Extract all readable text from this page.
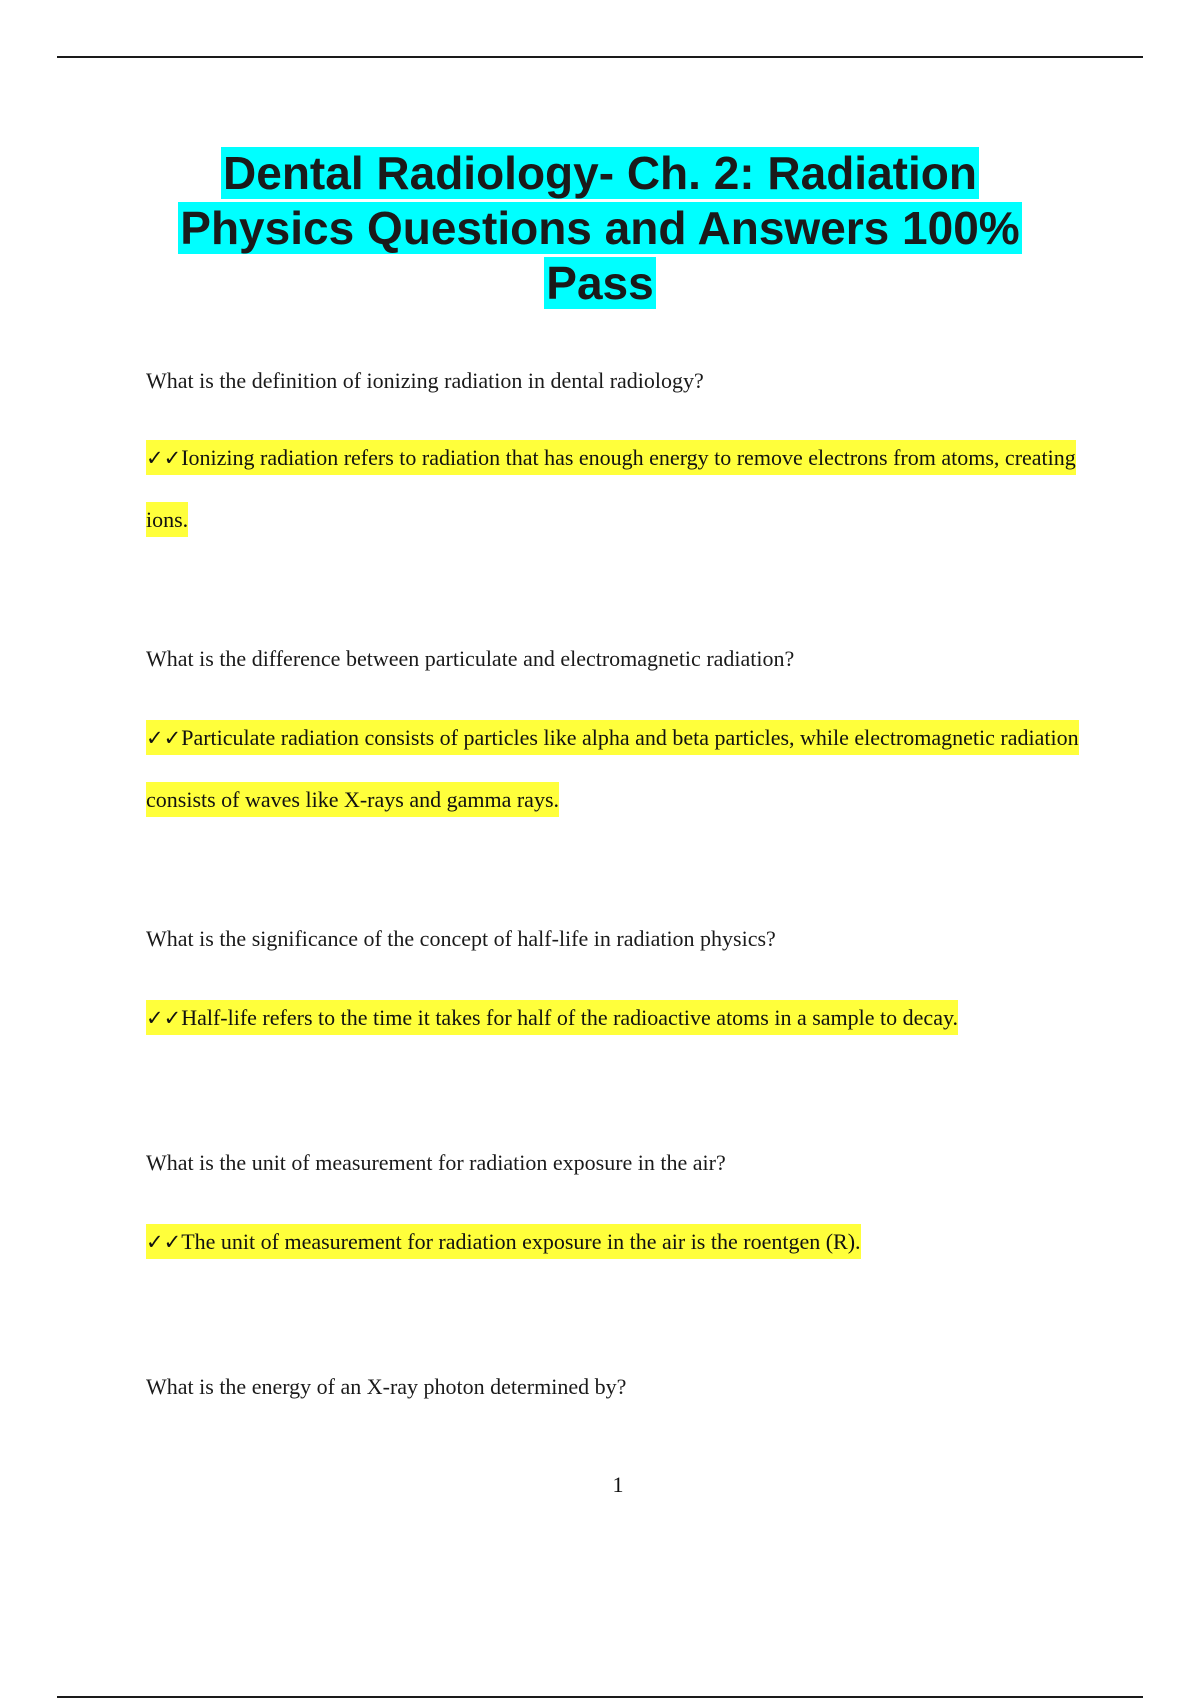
Dental Radiology- Ch. 2: Radiation
Physics Questions and Answers 100%
Pass

What is the definition of ionizing radiation in dental radiology?

✓✓Ionizing radiation refers to radiation that has enough energy to remove electrons from atoms, creating ions.

What is the difference between particulate and electromagnetic radiation?

✓✓Particulate radiation consists of particles like alpha and beta particles, while electromagnetic radiation consists of waves like X-rays and gamma rays.

What is the significance of the concept of half-life in radiation physics?

✓✓Half-life refers to the time it takes for half of the radioactive atoms in a sample to decay.

What is the unit of measurement for radiation exposure in the air?

✓✓The unit of measurement for radiation exposure in the air is the roentgen (R).

What is the energy of an X-ray photon determined by?

1
